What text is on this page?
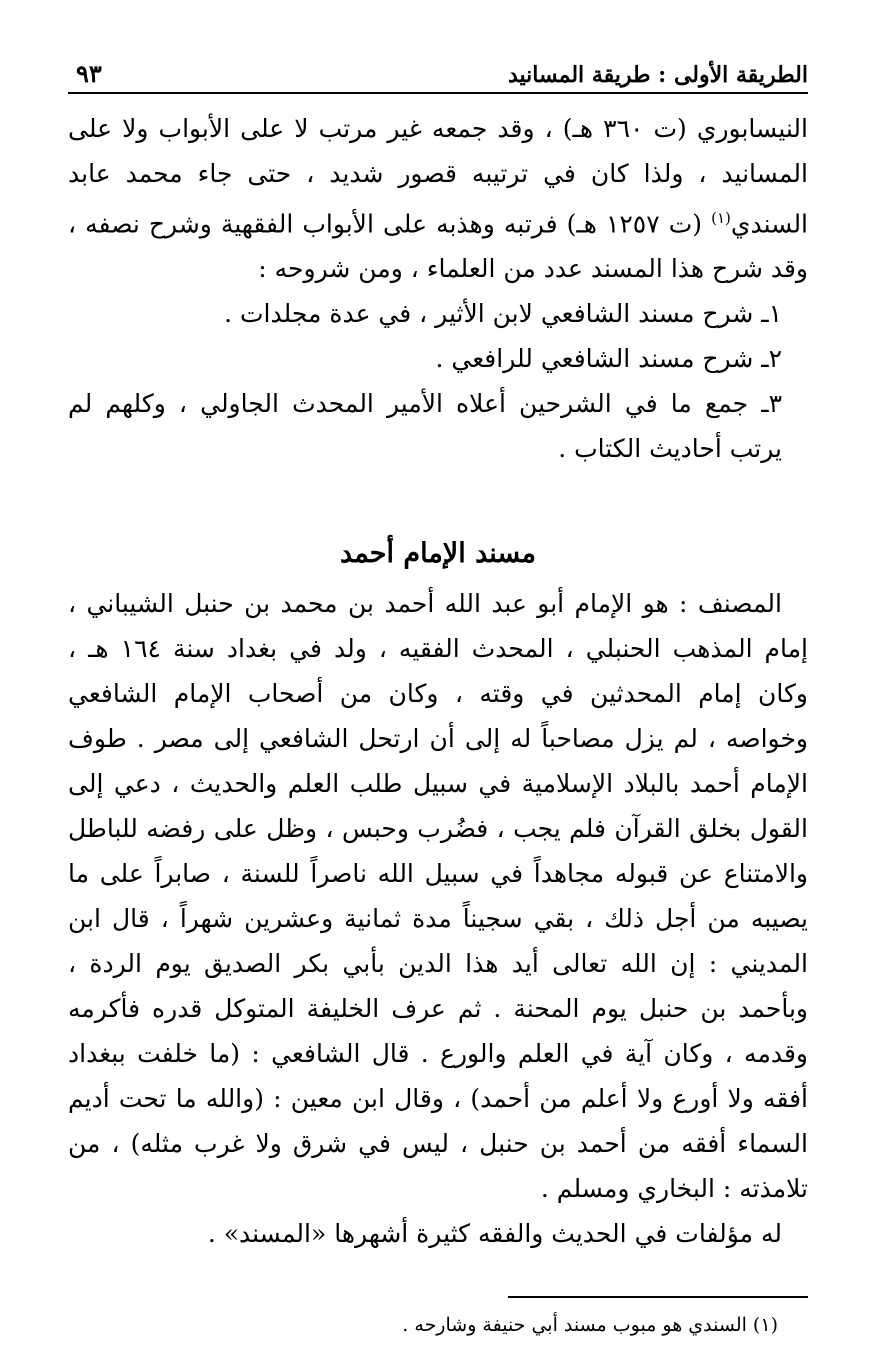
الطريقة الأولى : طريقة المسانيد
٩٣

النيسابوري (ت ٣٦٠ هـ) ، وقد جمعه غير مرتب لا على الأبواب ولا على المسانيد ، ولذا كان في ترتيبه قصور شديد ، حتى جاء محمد عابد السندي$^{(١)}$ (ت ١٢٥٧ هـ) فرتبه وهذبه على الأبواب الفقهية وشرح نصفه ، وقد شرح هذا المسند عدد من العلماء ، ومن شروحه :

١ـ شرح مسند الشافعي لابن الأثير ، في عدة مجلدات .

٢ـ شرح مسند الشافعي للرافعي .

٣ـ جمع ما في الشرحين أعلاه الأمير المحدث الجاولي ، وكلهم لم يرتب أحاديث الكتاب .

مسند الإمام أحمد

المصنف : هو الإمام أبو عبد الله أحمد بن محمد بن حنبل الشيباني ، إمام المذهب الحنبلي ، المحدث الفقيه ، ولد في بغداد سنة ١٦٤ هـ ، وكان إمام المحدثين في وقته ، وكان من أصحاب الإمام الشافعي وخواصه ، لم يزل مصاحباً له إلى أن ارتحل الشافعي إلى مصر . طوف الإمام أحمد بالبلاد الإسلامية في سبيل طلب العلم والحديث ، دعي إلى القول بخلق القرآن فلم يجب ، فضُرب وحبس ، وظل على رفضه للباطل والامتناع عن قبوله مجاهداً في سبيل الله ناصراً للسنة ، صابراً على ما يصيبه من أجل ذلك ، بقي سجيناً مدة ثمانية وعشرين شهراً ، قال ابن المديني : إن الله تعالى أيد هذا الدين بأبي بكر الصديق يوم الردة ، وبأحمد بن حنبل يوم المحنة . ثم عرف الخليفة المتوكل قدره فأكرمه وقدمه ، وكان آية في العلم والورع . قال الشافعي : (ما خلفت ببغداد أفقه ولا أورع ولا أعلم من أحمد) ، وقال ابن معين : (والله ما تحت أديم السماء أفقه من أحمد بن حنبل ، ليس في شرق ولا غرب مثله) ، من تلامذته : البخاري ومسلم .

له مؤلفات في الحديث والفقه كثيرة أشهرها «المسند» .

(١) السندي هو مبوب مسند أبي حنيفة وشارحه .
